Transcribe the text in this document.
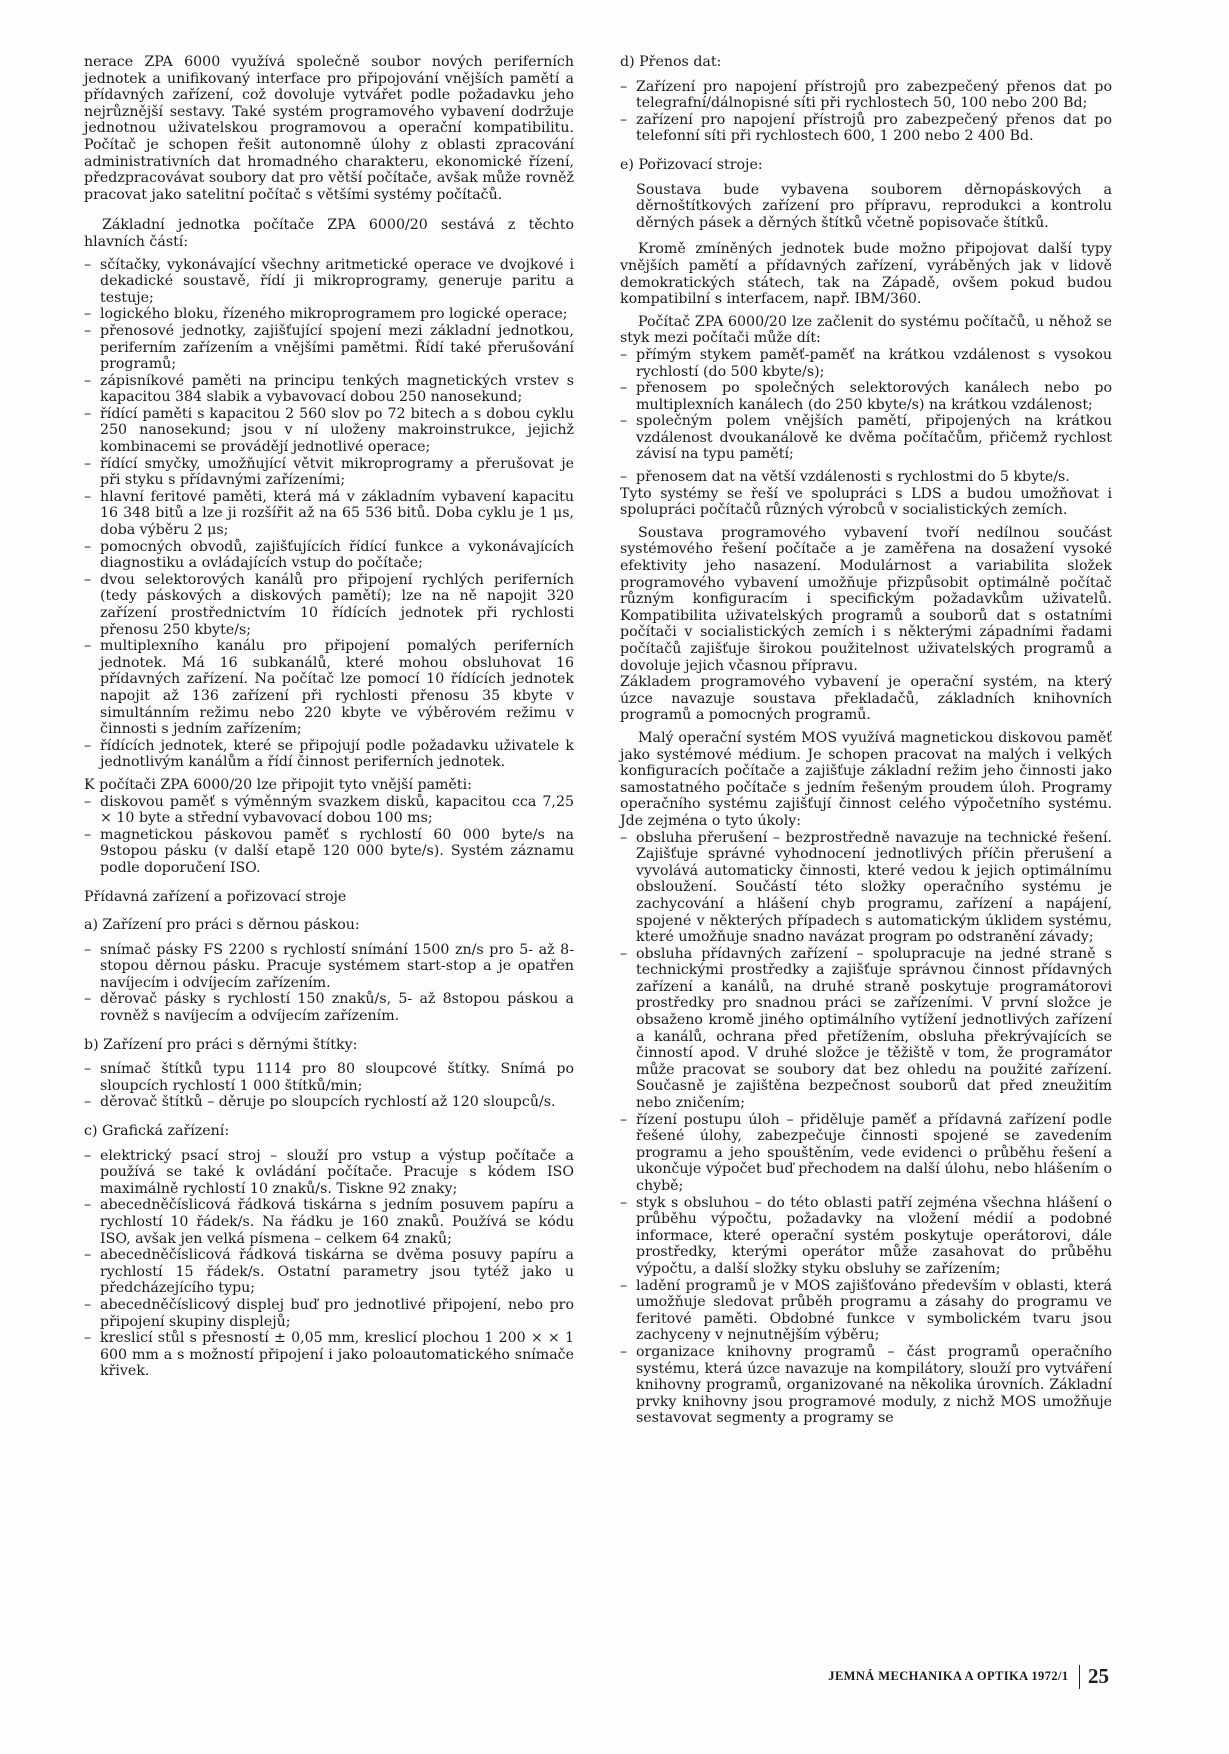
nerace ZPA 6000 využívá společně soubor nových periferních jednotek a unifikovaný interface pro připojování vnějších pamětí a přídavných zařízení, což dovoluje vytvářet podle požadavku jeho nejrůznější sestavy. Také systém programového vybavení dodržuje jednotnou uživatelskou programovou a operační kompatibilitu. Počítač je schopen řešit autonomně úlohy z oblasti zpracování administrativních dat hromadného charakteru, ekonomické řízení, předzpracovávat soubory dat pro větší počítače, avšak může rovněž pracovat jako satelitní počítač s většími systémy počítačů.

Základní jednotka počítače ZPA 6000/20 sestává z těchto hlavních částí:

– sčítačky, vykonávající všechny aritmetické operace ve dvojkové i dekadické soustavě, řídí ji mikroprogramy, generuje paritu a testuje;
– logického bloku, řízeného mikroprogramem pro logické operace;
– přenosové jednotky, zajišťující spojení mezi základní jednotkou, periferním zařízením a vnějšími pamětmi. Řídí také přerušování programů;
– zápisníkové paměti na principu tenkých magnetických vrstev s kapacitou 384 slabik a vybavovací dobou 250 nanosekund;
– řídící paměti s kapacitou 2 560 slov po 72 bitech a s dobou cyklu 250 nanosekund; jsou v ní uloženy makroinstrukce, jejichž kombinacemi se provádějí jednotlivé operace;
– řídící smyčky, umožňující větvit mikroprogramy a přerušovat je při styku s přídavnými zařízeními;
– hlavní feritové paměti, která má v základním vybavení kapacitu 16 348 bitů a lze ji rozšířit až na 65 536 bitů. Doba cyklu je 1 μs, doba výběru 2 μs;
– pomocných obvodů, zajišťujících řídící funkce a vykonávajících diagnostiku a ovládajících vstup do počítače;
– dvou selektorových kanálů pro připojení rychlých periferních (tedy páskových a diskových pamětí); lze na ně napojit 320 zařízení prostřednictvím 10 řídících jednotek při rychlosti přenosu 250 kbyte/s;
– multiplexního kanálu pro připojení pomalých periferních jednotek. Má 16 subkanálů, které mohou obsluhovat 16 přídavných zařízení. Na počítač lze pomocí 10 řídících jednotek napojit až 136 zařízení při rychlosti přenosu 35 kbyte v simultánním režimu nebo 220 kbyte ve výběrovém režimu v činnosti s jedním zařízením;
– řídících jednotek, které se připojují podle požadavku uživatele k jednotlivým kanálům a řídí činnost periferních jednotek.

K počítači ZPA 6000/20 lze připojit tyto vnější paměti:

– diskovou paměť s výměnným svazkem disků, kapacitou cca 7,25 × 10 byte a střední vybavovací dobou 100 ms;
– magnetickou páskovou paměť s rychlostí 60 000 byte/s na 9stopou pásku (v další etapě 120 000 byte/s). Systém záznamu podle doporučení ISO.

Přídavná zařízení a pořizovací stroje

a) Zařízení pro práci s děrnou páskou:

– snímač pásky FS 2200 s rychlostí snímání 1500 zn/s pro 5- až 8-stopou děrnou pásku. Pracuje systémem start-stop a je opatřen navíjecím i odvíjecím zařízením.
– děrovač pásky s rychlostí 150 znaků/s, 5- až 8stopou páskou a rovněž s navíjecím a odvíjecím zařízením.

b) Zařízení pro práci s děrnými štítky:

– snímač štítků typu 1114 pro 80 sloupcové štítky. Snímá po sloupcích rychlostí 1 000 štítků/min;
– děrovač štítků – děruje po sloupcích rychlostí až 120 sloupců/s.

c) Grafická zařízení:

– elektrický psací stroj – slouží pro vstup a výstup počítače a používá se také k ovládání počítače. Pracuje s kódem ISO maximálně rychlostí 10 znaků/s. Tiskne 92 znaky;
– abecedněčíslicová řádková tiskárna s jedním posuvem papíru a rychlostí 10 řádek/s. Na řádku je 160 znaků. Používá se kódu ISO, avšak jen velká písmena – celkem 64 znaků;
– abecedněčíslicová řádková tiskárna se dvěma posuvy papíru a rychlostí 15 řádek/s. Ostatní parametry jsou tytéž jako u předcházejícího typu;
– abecedněčíslicový displej buď pro jednotlivé připojení, nebo pro připojení skupiny displejů;
– kreslicí stůl s přesností ± 0,05 mm, kreslicí plochou 1 200 × × 1 600 mm a s možností připojení i jako poloautomatického snímače křivek.

d) Přenos dat:

– Zařízení pro napojení přístrojů pro zabezpečený přenos dat po telegrafní/dálnopisné síti při rychlostech 50, 100 nebo 200 Bd;
– zařízení pro napojení přístrojů pro zabezpečený přenos dat po telefonní síti při rychlostech 600, 1 200 nebo 2 400 Bd.

e) Pořizovací stroje:

Soustava bude vybavena souborem děrnopáskových a děrnoštítkových zařízení pro přípravu, reprodukci a kontrolu děrných pásek a děrných štítků včetně popisovače štítků.

Kromě zmíněných jednotek bude možno připojovat další typy vnějších pamětí a přídavných zařízení, vyráběných jak v lidově demokratických státech, tak na Západě, ovšem pokud budou kompatibilní s interfacem, např. IBM/360.

Počítač ZPA 6000/20 lze začlenit do systému počítačů, u něhož se styk mezi počítači může dít:

– přímým stykem paměť-paměť na krátkou vzdálenost s vysokou rychlostí (do 500 kbyte/s);
– přenosem po společných selektorových kanálech nebo po multiplexních kanálech (do 250 kbyte/s) na krátkou vzdálenost;
– společným polem vnějších pamětí, připojených na krátkou vzdálenost dvoukanálově ke dvěma počítačům, přičemž rychlost závisí na typu pamětí;
– přenosem dat na větší vzdálenosti s rychlostmi do 5 kbyte/s.

Tyto systémy se řeší ve spolupráci s LDS a budou umožňovat i spolupráci počítačů různých výrobců v socialistických zemích.

Soustava programového vybavení tvoří nedílnou součást systémového řešení počítače a je zaměřena na dosažení vysoké efektivity jeho nasazení. Modulárnost a variabilita složek programového vybavení umožňuje přizpůsobit optimálně počítač různým konfiguracím i specifickým požadavkům uživatelů. Kompatibilita uživatelských programů a souborů dat s ostatními počítači v socialistických zemích i s některými západními řadami počítačů zajišťuje širokou použitelnost uživatelských programů a dovoluje jejich včasnou přípravu.

Základem programového vybavení je operační systém, na který úzce navazuje soustava překladačů, základních knihovních programů a pomocných programů.

Malý operační systém MOS využívá magnetickou diskovou paměť jako systémové médium. Je schopen pracovat na malých i velkých konfiguracích počítače a zajišťuje základní režim jeho činnosti jako samostatného počítače s jedním řešeným proudem úloh. Programy operačního systému zajišťují činnost celého výpočetního systému. Jde zejména o tyto úkoly:

– obsluha přerušení – bezprostředně navazuje na technické řešení. Zajišťuje správné vyhodnocení jednotlivých příčin přerušení a vyvolává automaticky činnosti, které vedou k jejich optimálnímu obsloužení. Součástí této složky operačního systému je zachycování a hlášení chyb programu, zařízení a napájení, spojené v některých případech s automatickým úklidem systému, které umožňuje snadno navázat program po odstranění závady;
– obsluha přídavných zařízení – spolupracuje na jedné straně s technickými prostředky a zajišťuje správnou činnost přídavných zařízení a kanálů, na druhé straně poskytuje programátorovi prostředky pro snadnou práci se zařízeními. V první složce je obsaženo kromě jiného optimálního vytížení jednotlivých zařízení a kanálů, ochrana před přetížením, obsluha překrývajících se činností apod. V druhé složce je těžiště v tom, že programátor může pracovat se soubory dat bez ohledu na použité zařízení. Současně je zajištěna bezpečnost souborů dat před zneužitím nebo zničením;
– řízení postupu úloh – přiděluje paměť a přídavná zařízení podle řešené úlohy, zabezpečuje činnosti spojené se zavedením programu a jeho spouštěním, vede evidenci o průběhu řešení a ukončuje výpočet buď přechodem na další úlohu, nebo hlášením o chybě;
– styk s obsluhou – do této oblasti patří zejména všechna hlášení o průběhu výpočtu, požadavky na vložení médií a podobné informace, které operační systém poskytuje operátorovi, dále prostředky, kterými operátor může zasahovat do průběhu výpočtu, a další složky styku obsluhy se zařízením;
– ladění programů je v MOS zajišťováno především v oblasti, která umožňuje sledovat průběh programu a zásahy do programu ve feritové paměti. Obdobné funkce v symbolickém tvaru jsou zachyceny v nejnutnějším výběru;
– organizace knihovny programů – část programů operačního systému, která úzce navazuje na kompilátory, slouží pro vytváření knihovny programů, organizované na několika úrovních. Základní prvky knihovny jsou programové moduly, z nichž MOS umožňuje sestavovat segmenty a programy se
JEMNÁ MECHANIKA A OPTIKA 1972/1 25
